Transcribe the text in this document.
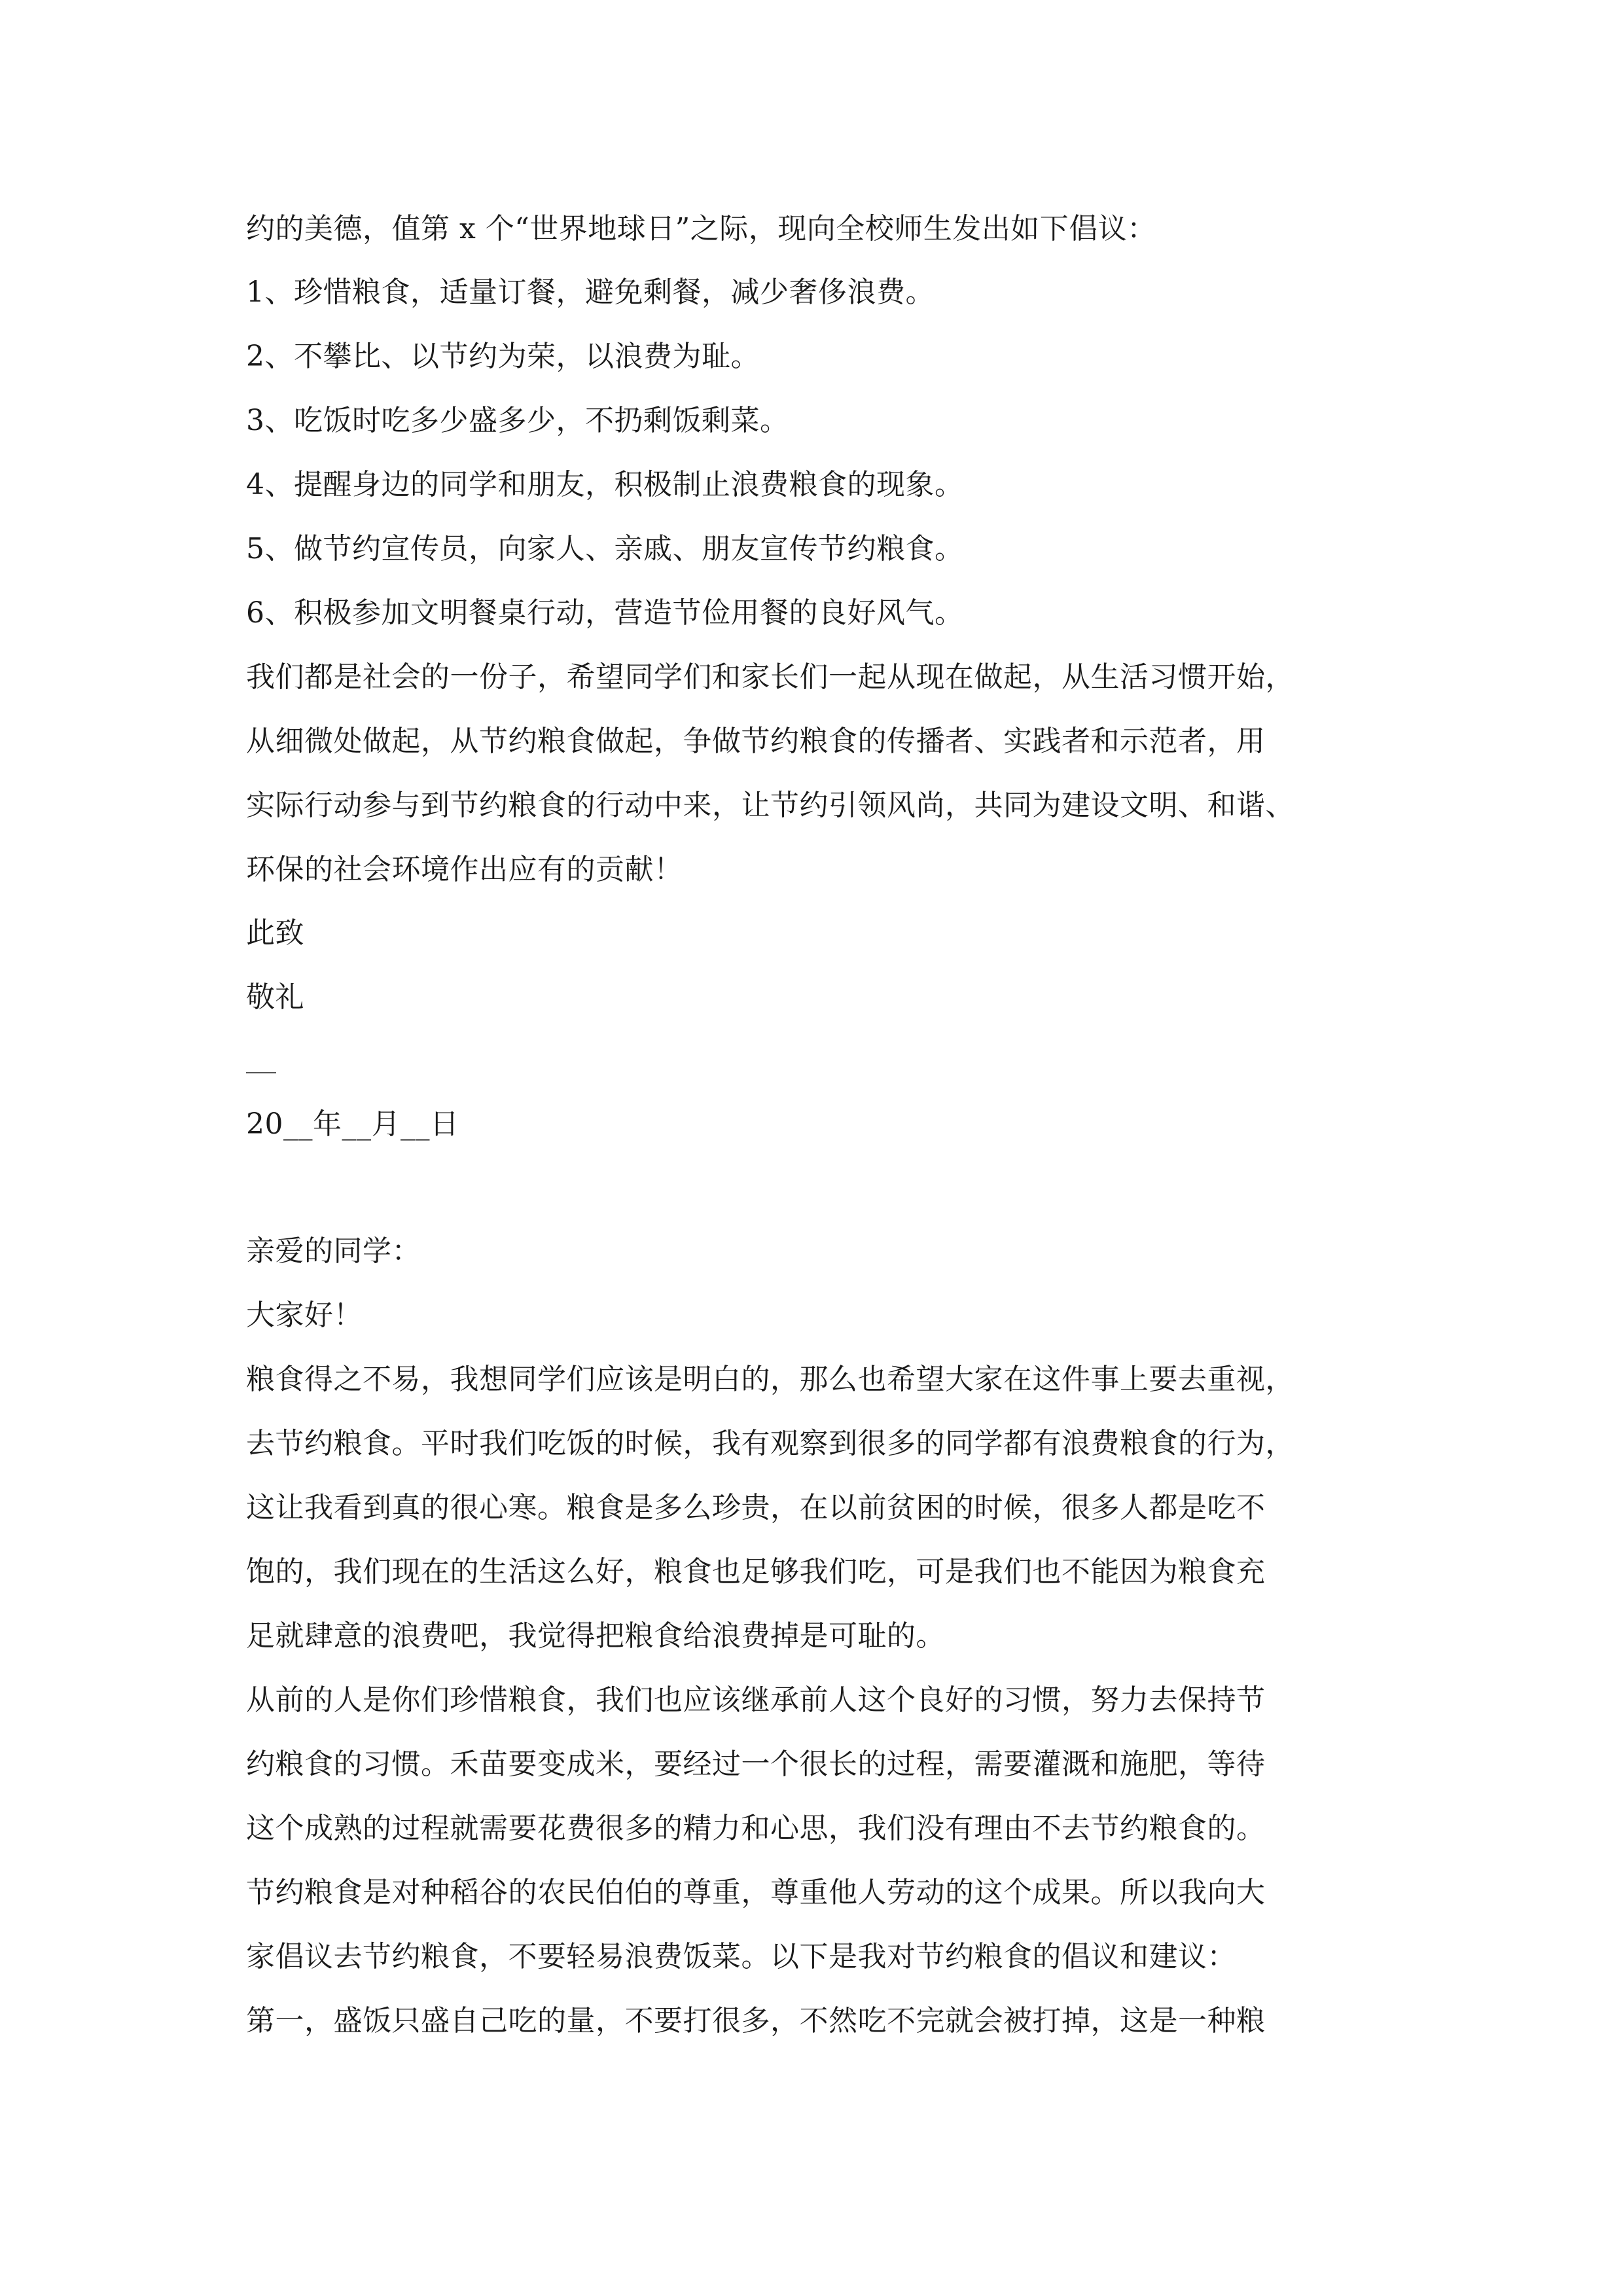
约的美德，值第 x 个“世界地球日”之际，现向全校师生发出如下倡议：
1、珍惜粮食，适量订餐，避免剩餐，减少奢侈浪费。
2、不攀比、以节约为荣，以浪费为耻。
3、吃饭时吃多少盛多少，不扔剩饭剩菜。
4、提醒身边的同学和朋友，积极制止浪费粮食的现象。
5、做节约宣传员，向家人、亲戚、朋友宣传节约粮食。
6、积极参加文明餐桌行动，营造节俭用餐的良好风气。
我们都是社会的一份子，希望同学们和家长们一起从现在做起，从生活习惯开始，
从细微处做起，从节约粮食做起，争做节约粮食的传播者、实践者和示范者，用
实际行动参与到节约粮食的行动中来，让节约引领风尚，共同为建设文明、和谐、
环保的社会环境作出应有的贡献！
此致
敬礼
20__年__月__日
亲爱的同学：
大家好！
粮食得之不易，我想同学们应该是明白的，那么也希望大家在这件事上要去重视，
去节约粮食。平时我们吃饭的时候，我有观察到很多的同学都有浪费粮食的行为，
这让我看到真的很心寒。粮食是多么珍贵，在以前贫困的时候，很多人都是吃不
饱的，我们现在的生活这么好，粮食也足够我们吃，可是我们也不能因为粮食充
足就肆意的浪费吧，我觉得把粮食给浪费掉是可耻的。
从前的人是你们珍惜粮食，我们也应该继承前人这个良好的习惯，努力去保持节
约粮食的习惯。禾苗要变成米，要经过一个很长的过程，需要灌溉和施肥，等待
这个成熟的过程就需要花费很多的精力和心思，我们没有理由不去节约粮食的。
节约粮食是对种稻谷的农民伯伯的尊重，尊重他人劳动的这个成果。所以我向大
家倡议去节约粮食，不要轻易浪费饭菜。以下是我对节约粮食的倡议和建议：
第一，盛饭只盛自己吃的量，不要打很多，不然吃不完就会被打掉，这是一种粮
